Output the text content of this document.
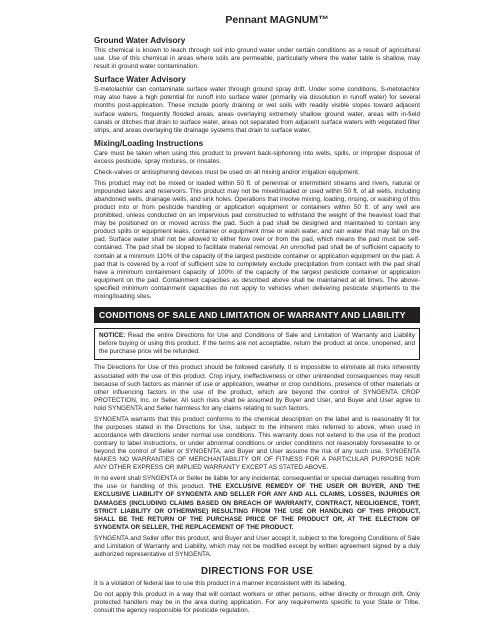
Pennant MAGNUM™
Ground Water Advisory

This chemical is known to leach through soil into ground water under certain conditions as a result of agricultural use. Use of this chemical in areas where soils are permeable, particularly where the water table is shallow, may result in ground water contamination.

Surface Water Advisory

S-metolachlor can contaminate surface water through ground spray drift. Under some conditions, S-metolachlor may also have a high potential for runoff into surface water (primarily via dissolution in runoff water) for several months post-application. These include poorly draining or wet soils with readily visible slopes toward adjacent surface waters, frequently flooded areas, areas overlaying extremely shallow ground water, areas with in-field canals or ditches that drain to surface water, areas not separated from adjacent surface waters with vegetated filter strips, and areas overlaying tile drainage systems that drain to surface water.

Mixing/Loading Instructions

Care must be taken when using this product to prevent back-siphoning into wells, spills, or improper disposal of excess pesticide, spray mixtures, or rinsates.

Check-valves or antisiphoning devices must be used on all mixing and/or irrigation equipment.

This product may not be mixed or loaded within 50 ft. of perennial or intermittent streams and rivers, natural or impounded lakes and reservoirs. This product may not be mixed/loaded or used within 50 ft. of all wells, including abandoned wells, drainage wells, and sink holes. Operations that involve mixing, loading, rinsing, or washing of this product into or from pesticide handling or application equipment or containers within 50 ft. of any well are prohibited, unless conducted on an impervious pad constructed to withstand the weight of the heaviest load that may be positioned on or moved across the pad. Such a pad shall be designed and maintained to contain any product spills or equipment leaks, container or equipment rinse or wash water, and rain water that may fall on the pad. Surface water shall not be allowed to either flow over or from the pad, which means the pad must be self-contained. The pad shall be sloped to facilitate material removal. An unroofed pad shall be of sufficient capacity to contain at a minimum 110% of the capacity of the largest pesticide container or application equipment on the pad. A pad that is covered by a roof of sufficient size to completely exclude precipitation from contact with the pad shall have a minimum containment capacity of 100% of the capacity of the largest pesticide container or application equipment on the pad. Containment capacities as described above shall be maintained at all times. The above-specified minimum containment capacities do not apply to vehicles when delivering pesticide shipments to the mixing/loading sites.

CONDITIONS OF SALE AND LIMITATION OF WARRANTY AND LIABILITY
NOTICE: Read the entire Directions for Use and Conditions of Sale and Limitation of Warranty and Liability before buying or using this product. If the terms are not acceptable, return the product at once, unopened, and the purchase price will be refunded.

The Directions for Use of this product should be followed carefully. It is impossible to eliminate all risks inherently associated with the use of this product. Crop injury, ineffectiveness or other unintended consequences may result because of such factors as manner of use or application, weather or crop conditions, presence of other materials or other influencing factors in the use of the product, which are beyond the control of SYNGENTA CROP PROTECTION, Inc. or Seller. All such risks shall be assumed by Buyer and User, and Buyer and User agree to hold SYNGENTA and Seller harmless for any claims relating to such factors.

SYNGENTA warrants that this product conforms to the chemical description on the label and is reasonably fit for the purposes stated in the Directions for Use, subject to the inherent risks referred to above, when used in accordance with directions under normal use conditions. This warranty does not extend to the use of the product contrary to label instructions, or under abnormal conditions or under conditions not reasonably foreseeable to or beyond the control of Seller or SYNGENTA, and Buyer and User assume the risk of any such use. SYNGENTA MAKES NO WARRANTIES OF MERCHANTABILITY OR OF FITNESS FOR A PARTICULAR PURPOSE NOR ANY OTHER EXPRESS OR IMPLIED WARRANTY EXCEPT AS STATED ABOVE.

In no event shall SYNGENTA or Seller be liable for any incidental, consequential or special damages resulting from the use or handling of this product. THE EXCLUSIVE REMEDY OF THE USER OR BUYER, AND THE EXCLUSIVE LIABILITY OF SYNGENTA AND SELLER FOR ANY AND ALL CLAIMS, LOSSES, INJURIES OR DAMAGES (INCLUDING CLAIMS BASED ON BREACH OF WARRANTY, CONTRACT, NEGLIGENCE, TORT, STRICT LIABILITY OR OTHERWISE) RESULTING FROM THE USE OR HANDLING OF THIS PRODUCT, SHALL BE THE RETURN OF THE PURCHASE PRICE OF THE PRODUCT OR, AT THE ELECTION OF SYNGENTA OR SELLER, THE REPLACEMENT OF THE PRODUCT.

SYNGENTA and Seller offer this product, and Buyer and User accept it, subject to the foregoing Conditions of Sale and Limitation of Warranty and Liability, which may not be modified except by written agreement signed by a duly authorized representative of SYNGENTA.

DIRECTIONS FOR USE

It is a violation of federal law to use this product in a manner inconsistent with its labeling.

Do not apply this product in a way that will contact workers or other persons, either directly or through drift. Only protected handlers may be in the area during application. For any requirements specific to your State or Tribe, consult the agency responsible for pesticide regulation.
